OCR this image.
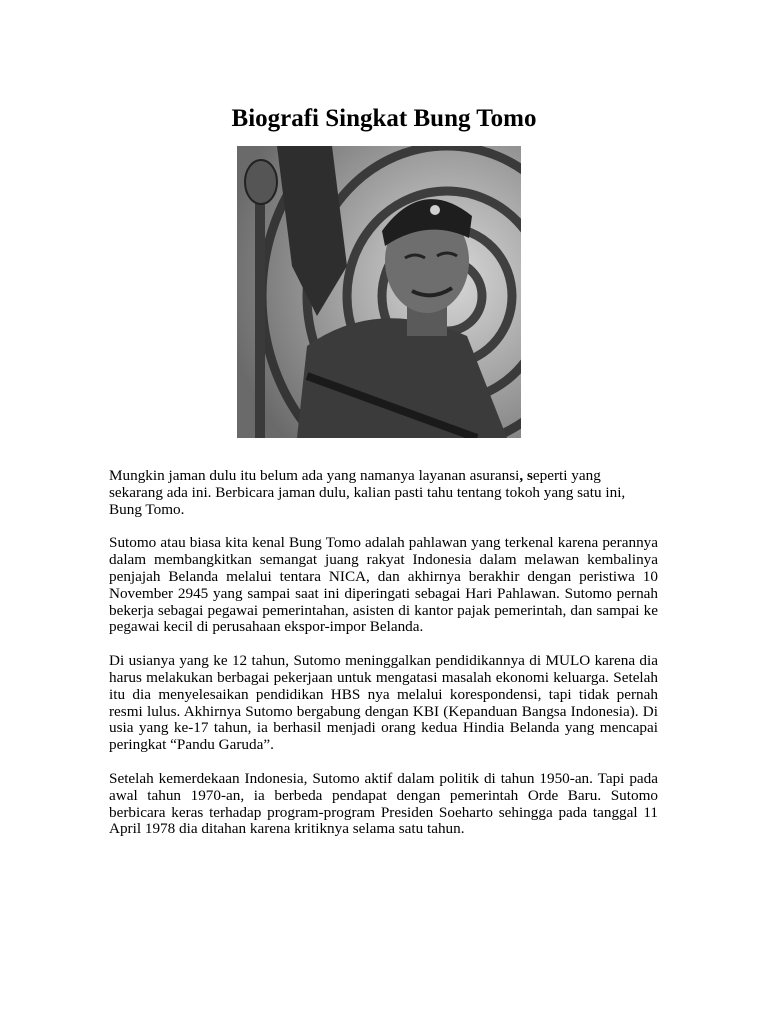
Biografi Singkat Bung Tomo

Mungkin jaman dulu itu belum ada yang namanya layanan asuransi, seperti yang sekarang ada ini. Berbicara jaman dulu, kalian pasti tahu tentang tokoh yang satu ini, Bung Tomo.

Sutomo atau biasa kita kenal Bung Tomo adalah pahlawan yang terkenal karena perannya dalam membangkitkan semangat juang rakyat Indonesia dalam melawan kembalinya penjajah Belanda melalui tentara NICA, dan akhirnya berakhir dengan peristiwa 10 November 2945 yang sampai saat ini diperingati sebagai Hari Pahlawan. Sutomo pernah bekerja sebagai pegawai pemerintahan, asisten di kantor pajak pemerintah, dan sampai ke pegawai kecil di perusahaan ekspor-impor Belanda.

Di usianya yang ke 12 tahun, Sutomo meninggalkan pendidikannya di MULO karena dia harus melakukan berbagai pekerjaan untuk mengatasi masalah ekonomi keluarga. Setelah itu dia menyelesaikan pendidikan HBS nya melalui korespondensi, tapi tidak pernah resmi lulus. Akhirnya Sutomo bergabung dengan KBI (Kepanduan Bangsa Indonesia). Di usia yang ke-17 tahun, ia berhasil menjadi orang kedua Hindia Belanda yang mencapai peringkat “Pandu Garuda”.

Setelah kemerdekaan Indonesia, Sutomo aktif dalam politik di tahun 1950-an. Tapi pada awal tahun 1970-an, ia berbeda pendapat dengan pemerintah Orde Baru. Sutomo berbicara keras terhadap program-program Presiden Soeharto sehingga pada tanggal 11 April 1978 dia ditahan karena kritiknya selama satu tahun.
